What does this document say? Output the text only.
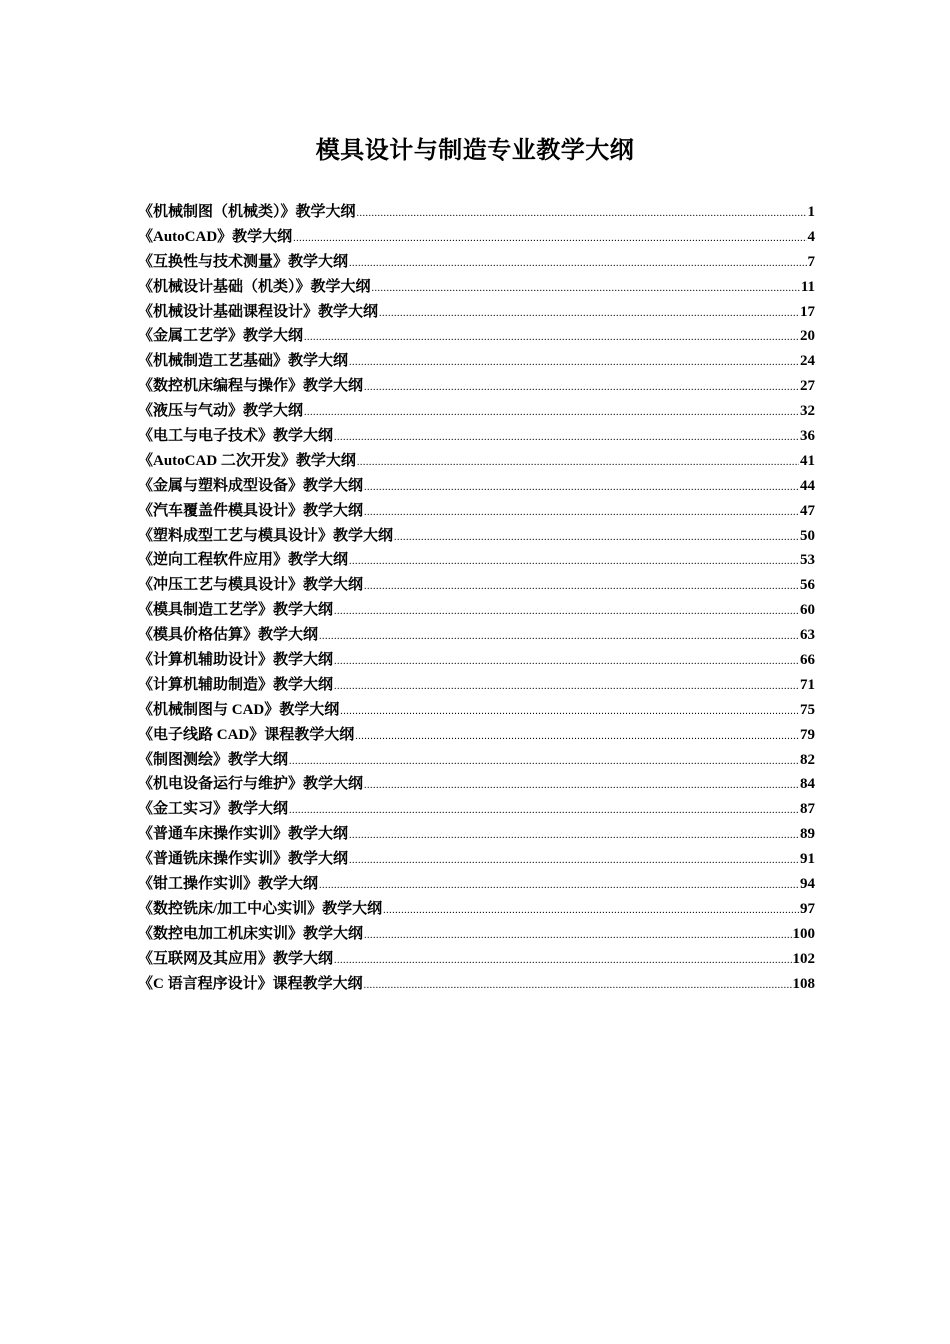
模具设计与制造专业教学大纲
《机械制图（机械类）》教学大纲 .....	1
《AutoCAD》教学大纲 .....	4
《互换性与技术测量》教学大纲 .....	7
《机械设计基础（机类）》教学大纲 .....	11
《机械设计基础课程设计》教学大纲 .....	17
《金属工艺学》教学大纲 .....	20
《机械制造工艺基础》教学大纲 .....	24
《数控机床编程与操作》教学大纲 .....	27
《液压与气动》教学大纲 .....	32
《电工与电子技术》教学大纲 .....	36
《AutoCAD 二次开发》教学大纲 .....	41
《金属与塑料成型设备》教学大纲 .....	44
《汽车覆盖件模具设计》教学大纲 .....	47
《塑料成型工艺与模具设计》教学大纲 .....	50
《逆向工程软件应用》教学大纲 .....	53
《冲压工艺与模具设计》教学大纲 .....	56
《模具制造工艺学》教学大纲 .....	60
《模具价格估算》教学大纲 .....	63
《计算机辅助设计》教学大纲 .....	66
《计算机辅助制造》教学大纲 .....	71
《机械制图与 CAD》教学大纲 .....	75
《电子线路 CAD》课程教学大纲 .....	79
《制图测绘》教学大纲 .....	82
《机电设备运行与维护》教学大纲 .....	84
《金工实习》教学大纲 .....	87
《普通车床操作实训》教学大纲 .....	89
《普通铣床操作实训》教学大纲 .....	91
《钳工操作实训》教学大纲 .....	94
《数控铣床/加工中心实训》教学大纲 .....	97
《数控电加工机床实训》教学大纲 .....	100
《互联网及其应用》教学大纲 .....	102
《C 语言程序设计》课程教学大纲 .....	108
